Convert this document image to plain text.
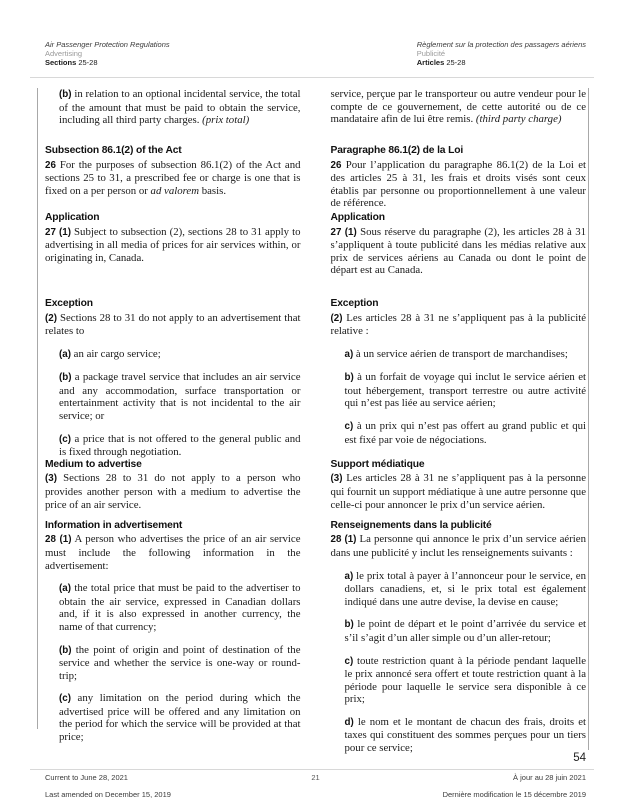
Air Passenger Protection Regulations
Advertising
Sections 25-28
Règlement sur la protection des passagers aériens
Publicité
Articles 25-28

(b) in relation to an optional incidental service, the total of the amount that must be paid to obtain the service, including all third party charges. (prix total)

service, perçue par le transporteur ou autre vendeur pour le compte de ce gouvernement, de cette autorité ou de ce mandataire afin de lui être remis. (third party charge)

Subsection 86.1(2) of the Act

26 For the purposes of subsection 86.1(2) of the Act and sections 25 to 31, a prescribed fee or charge is one that is fixed on a per person or ad valorem basis.

Paragraphe 86.1(2) de la Loi

26 Pour l’application du paragraphe 86.1(2) de la Loi et des articles 25 à 31, les frais et droits visés sont ceux établis par personne ou proportionnellement à une valeur de référence.

Application

27 (1) Subject to subsection (2), sections 28 to 31 apply to advertising in all media of prices for air services within, or originating in, Canada.

Application

27 (1) Sous réserve du paragraphe (2), les articles 28 à 31 s’appliquent à toute publicité dans les médias relative aux prix de services aériens au Canada ou dont le point de départ est au Canada.

Exception

(2) Sections 28 to 31 do not apply to an advertisement that relates to

(a) an air cargo service;

(b) a package travel service that includes an air service and any accommodation, surface transportation or entertainment activity that is not incidental to the air service; or

(c) a price that is not offered to the general public and is fixed through negotiation.

Exception

(2) Les articles 28 à 31 ne s’appliquent pas à la publicité relative :

a) à un service aérien de transport de marchandises;

b) à un forfait de voyage qui inclut le service aérien et tout hébergement, transport terrestre ou autre activité qui n’est pas liée au service aérien;

c) à un prix qui n’est pas offert au grand public et qui est fixé par voie de négociations.

Medium to advertise

(3) Sections 28 to 31 do not apply to a person who provides another person with a medium to advertise the price of an air service.

Support médiatique

(3) Les articles 28 à 31 ne s’appliquent pas à la personne qui fournit un support médiatique à une autre personne que celle-ci pour annoncer le prix d’un service aérien.

Information in advertisement

28 (1) A person who advertises the price of an air service must include the following information in the advertisement:

(a) the total price that must be paid to the advertiser to obtain the air service, expressed in Canadian dollars and, if it is also expressed in another currency, the name of that currency;

(b) the point of origin and point of destination of the service and whether the service is one-way or round-trip;

(c) any limitation on the period during which the advertised price will be offered and any limitation on the period for which the service will be provided at that price;

Renseignements dans la publicité

28 (1) La personne qui annonce le prix d’un service aérien dans une publicité y inclut les renseignements suivants :

a) le prix total à payer à l’annonceur pour le service, en dollars canadiens, et, si le prix total est également indiqué dans une autre devise, la devise en cause;

b) le point de départ et le point d’arrivée du service et s’il s’agit d’un aller simple ou d’un aller-retour;

c) toute restriction quant à la période pendant laquelle le prix annoncé sera offert et toute restriction quant à la période pour laquelle le service sera disponible à ce prix;

d) le nom et le montant de chacun des frais, droits et taxes qui constituent des sommes perçues pour un tiers pour ce service;

54
Current to June 28, 2021
Last amended on December 15, 2019
21	À jour au 28 juin 2021
Dernière modification le 15 décembre 2019
